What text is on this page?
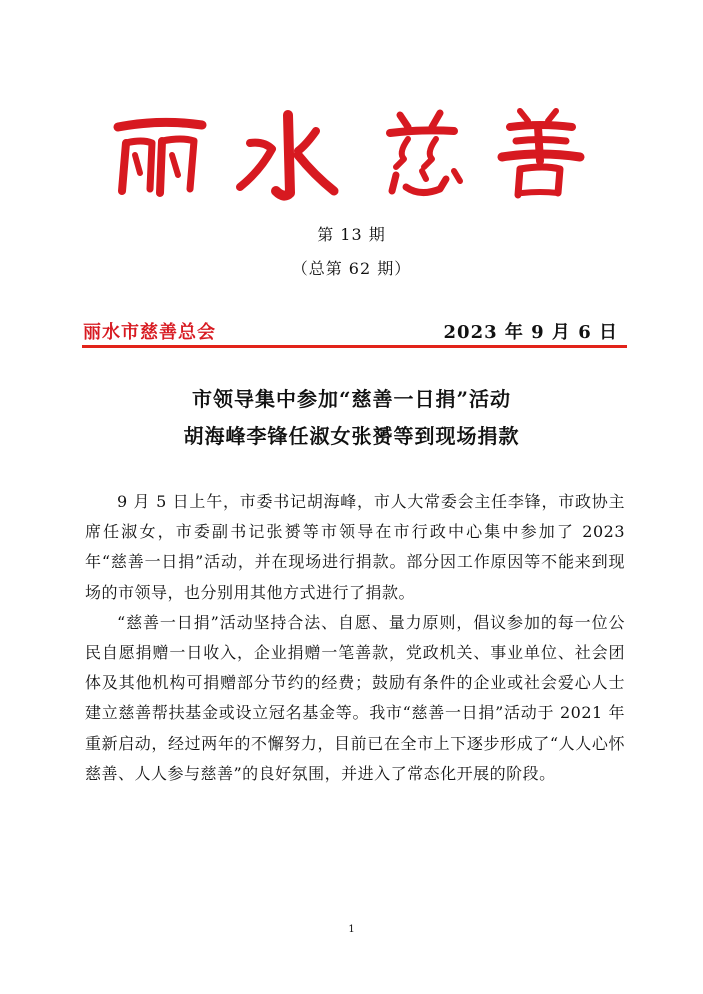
第 13 期
（总第 62 期）
丽水市慈善总会	2023 年 9 月 6 日
市领导集中参加“慈善一日捐”活动
胡海峰李锋任淑女张赟等到现场捐款

9 月 5 日上午，市委书记胡海峰，市人大常委会主任李锋，市政协主席任淑女，市委副书记张赟等市领导在市行政中心集中参加了 2023 年“慈善一日捐”活动，并在现场进行捐款。部分因工作原因等不能来到现场的市领导，也分别用其他方式进行了捐款。

“慈善一日捐”活动坚持合法、自愿、量力原则，倡议参加的每一位公民自愿捐赠一日收入，企业捐赠一笔善款，党政机关、事业单位、社会团体及其他机构可捐赠部分节约的经费；鼓励有条件的企业或社会爱心人士建立慈善帮扶基金或设立冠名基金等。我市“慈善一日捐”活动于 2021 年重新启动，经过两年的不懈努力，目前已在全市上下逐步形成了“人人心怀慈善、人人参与慈善”的良好氛围，并进入了常态化开展的阶段。

1
